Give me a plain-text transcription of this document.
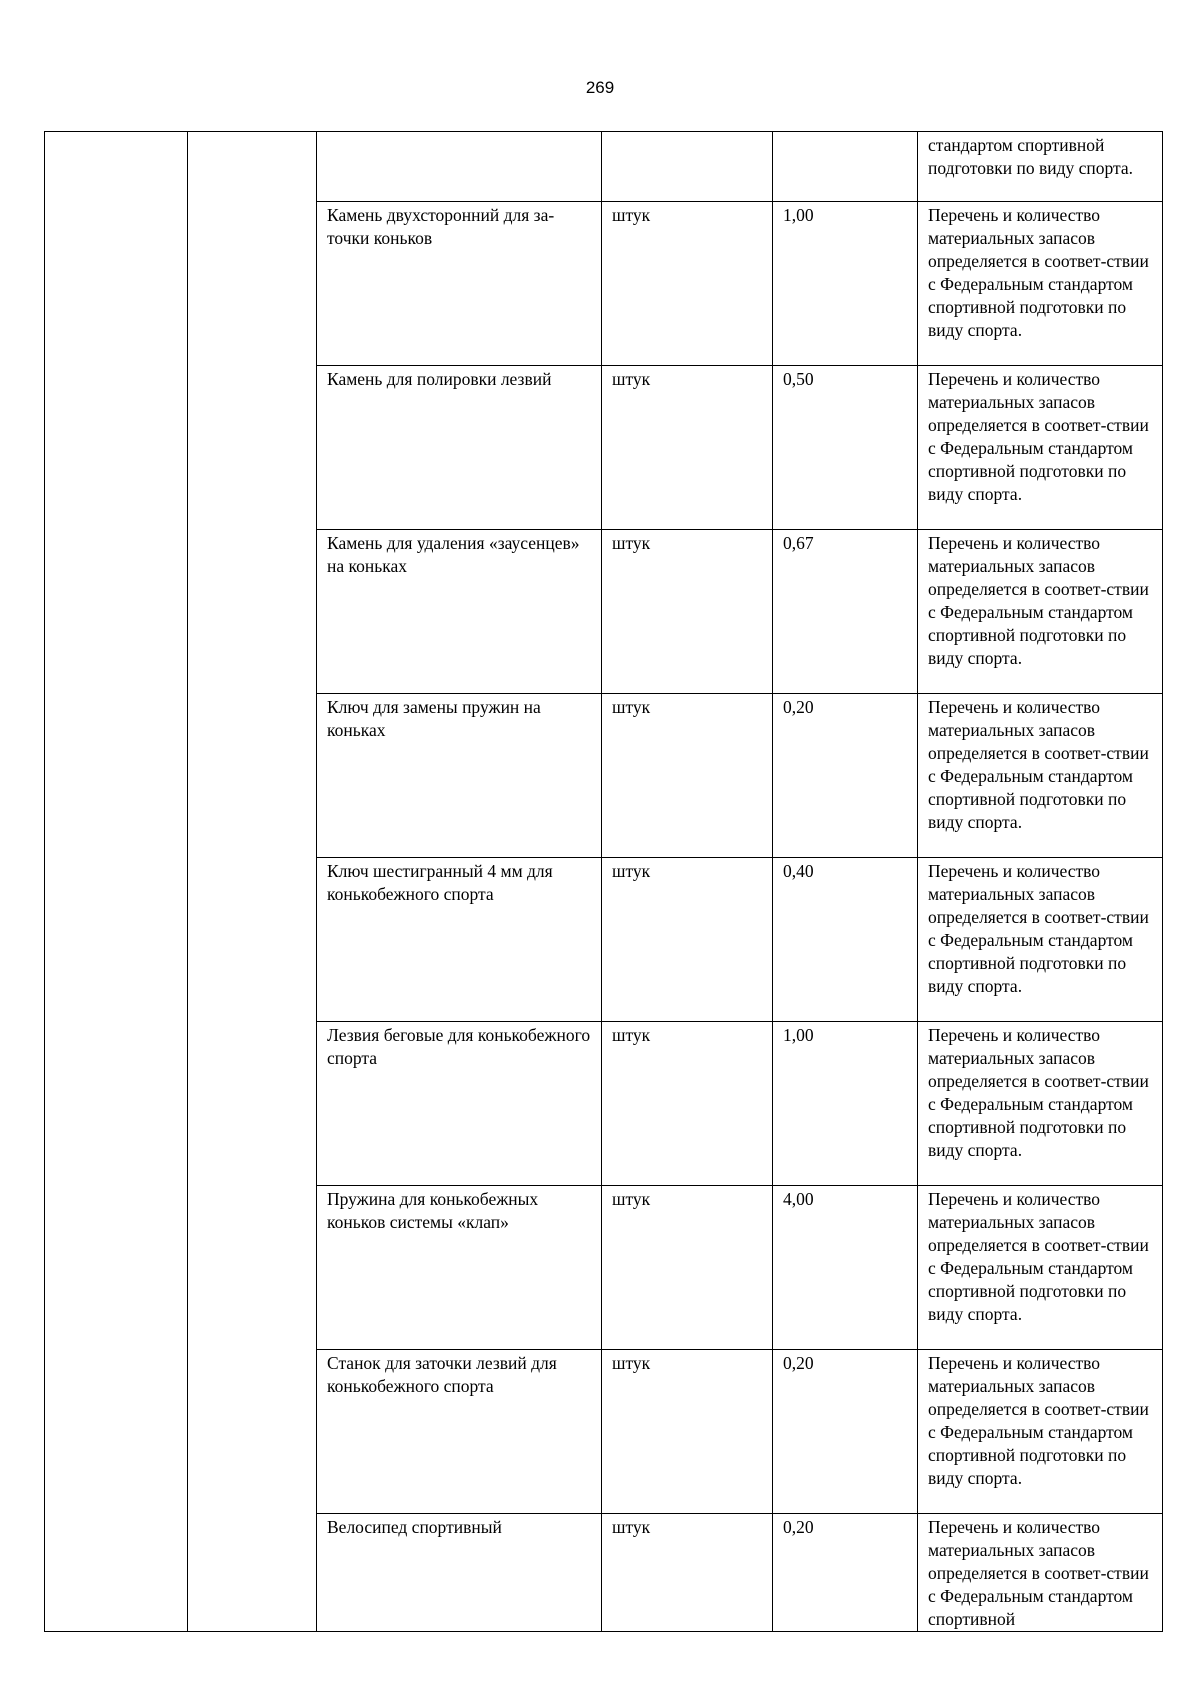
269
					стандартом спортивной подготовки по виду спорта.
		Камень двухсторонний для за-точки коньков	штук	1,00	Перечень и количество материальных запасов определяется в соответ-ствии с Федеральным стандартом спортивной подготовки по виду спорта.
		Камень для полировки лезвий	штук	0,50	Перечень и количество материальных запасов определяется в соответ-ствии с Федеральным стандартом спортивной подготовки по виду спорта.
		Камень для удаления «заусенцев» на коньках	штук	0,67	Перечень и количество материальных запасов определяется в соответ-ствии с Федеральным стандартом спортивной подготовки по виду спорта.
		Ключ для замены пружин на коньках	штук	0,20	Перечень и количество материальных запасов определяется в соответ-ствии с Федеральным стандартом спортивной подготовки по виду спорта.
		Ключ шестигранный 4 мм для конькобежного спорта	штук	0,40	Перечень и количество материальных запасов определяется в соответ-ствии с Федеральным стандартом спортивной подготовки по виду спорта.
		Лезвия беговые для конькобежного спорта	штук	1,00	Перечень и количество материальных запасов определяется в соответ-ствии с Федеральным стандартом спортивной подготовки по виду спорта.
		Пружина для конькобежных коньков системы «клап»	штук	4,00	Перечень и количество материальных запасов определяется в соответ-ствии с Федеральным стандартом спортивной подготовки по виду спорта.
		Станок для заточки лезвий для конькобежного спорта	штук	0,20	Перечень и количество материальных запасов определяется в соответ-ствии с Федеральным стандартом спортивной подготовки по виду спорта.
		Велосипед спортивный	штук	0,20	Перечень и количество материальных запасов определяется в соответ-ствии с Федеральным стандартом спортивной
